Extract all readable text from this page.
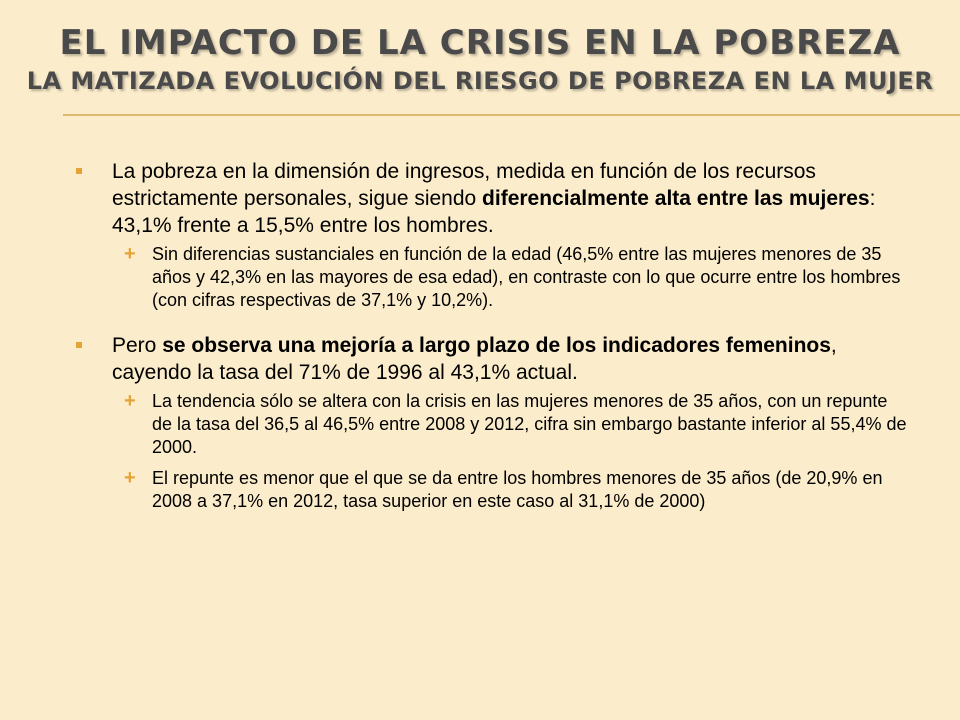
EL IMPACTO DE LA CRISIS EN LA POBREZA
LA MATIZADA EVOLUCIÓN DEL RIESGO DE POBREZA EN LA MUJER
La pobreza en la dimensión de ingresos, medida en función de los recursos estrictamente personales, sigue siendo diferencialmente alta entre las mujeres: 43,1% frente a 15,5% entre los hombres.
+ Sin diferencias sustanciales en función de la edad (46,5% entre las mujeres menores de 35 años y 42,3% en las mayores de esa edad), en contraste con lo que ocurre entre los hombres (con cifras respectivas de 37,1% y 10,2%).
Pero se observa una mejoría a largo plazo de los indicadores femeninos, cayendo la tasa del 71% de 1996 al 43,1% actual.
+ La tendencia sólo se altera con la crisis en las mujeres menores de 35 años, con un repunte de la tasa del 36,5 al 46,5% entre 2008 y 2012, cifra sin embargo bastante inferior al 55,4% de 2000.
+ El repunte es menor que el que se da entre los hombres menores de 35 años (de 20,9% en 2008 a 37,1% en 2012, tasa superior en este caso al 31,1% de 2000)
